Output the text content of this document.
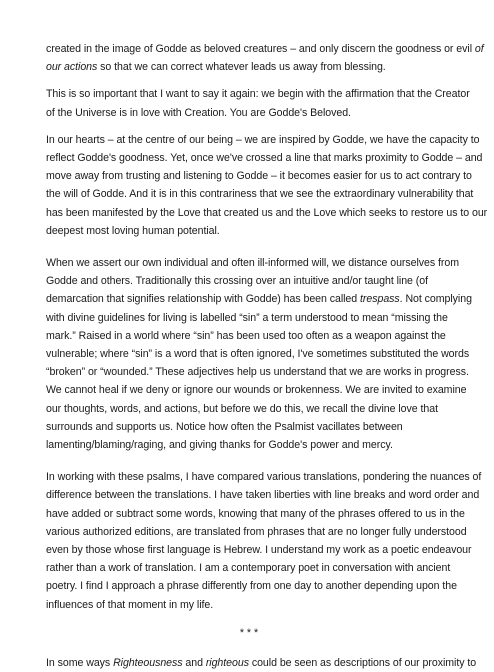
created in the image of Godde as beloved creatures – and only discern the goodness or evil of
our actions so that we can correct whatever leads us away from blessing.

This is so important that I want to say it again: we begin with the affirmation that the Creator
of the Universe is in love with Creation. You are Godde's Beloved.

In our hearts – at the centre of our being – we are inspired by Godde, we have the capacity to
reflect Godde's goodness. Yet, once we've crossed a line that marks proximity to Godde – and
move away from trusting and listening to Godde – it becomes easier for us to act contrary to
the will of Godde. And it is in this contrariness that we see the extraordinary vulnerability that
has been manifested by the Love that created us and the Love which seeks to restore us to our
deepest most loving human potential.

When we assert our own individual and often ill-informed will, we distance ourselves from
Godde and others. Traditionally this crossing over an intuitive and/or taught line (of
demarcation that signifies relationship with Godde) has been called trespass. Not complying
with divine guidelines for living is labelled “sin” a term understood to mean “missing the
mark.” Raised in a world where “sin” has been used too often as a weapon against the
vulnerable; where “sin” is a word that is often ignored, I've sometimes substituted the words
“broken” or “wounded.” These adjectives help us understand that we are works in progress.
We cannot heal if we deny or ignore our wounds or brokenness. We are invited to examine
our thoughts, words, and actions, but before we do this, we recall the divine love that
surrounds and supports us. Notice how often the Psalmist vacillates between
lamenting/blaming/raging, and giving thanks for Godde's power and mercy.

In working with these psalms, I have compared various translations, pondering the nuances of
difference between the translations. I have taken liberties with line breaks and word order and
have added or subtract some words, knowing that many of the phrases offered to us in the
various authorized editions, are translated from phrases that are no longer fully understood
even by those whose first language is Hebrew. I understand my work as a poetic endeavour
rather than a work of translation. I am a contemporary poet in conversation with ancient
poetry. I find I approach a phrase differently from one day to another depending upon the
influences of that moment in my life.

* * *

In some ways Righteousness and righteous could be seen as descriptions of our proximity to
